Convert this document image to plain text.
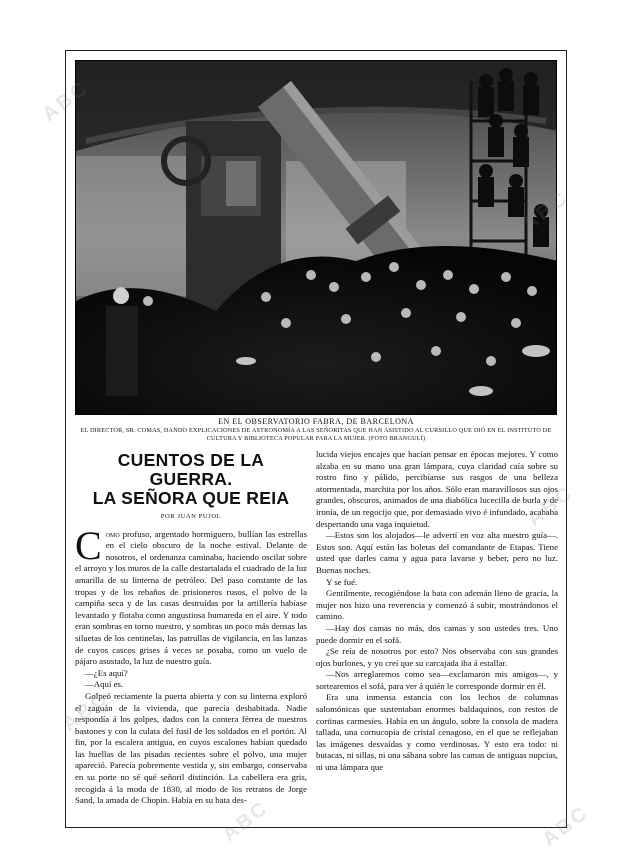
EN EL OBSERVATORIO FABRA, DE BARCELONA
EL DIRECTOR, SR. COMAS, DANDO EXPLICACIONES DE ASTRONOMÍA A LAS SEÑORITAS QUE HAN ASISTIDO AL CURSILLO QUE DIÓ EN EL INSTITUTO DE CULTURA Y BIBLIOTECA POPULAR PARA LA MUJER. (FOTO BRANGULÍ)
CUENTOS DE LA GUERRA.
LA SEÑORA QUE REIA
POR JUAN PUJOL

Como profuso, argentado hormiguero, bullían las estrellas en el cielo obscuro de la noche estival. Delante de nosotros, el ordenanza caminaba, haciendo oscilar sobre el arroyo y los muros de la calle destartalada el cuadrado de la luz amarilla de su linterna de petróleo. Del paso constante de las tropas y de los rebaños de prisioneros rusos, el polvo de la campiña seca y de las casas destruídas por la artillería habíase levantado y flotaba como angustiosa humareda en el aire. Y todo eran sombras en torno nuestro, y sombras un poco más densas las siluetas de los centinelas, las patrullas de vigilancia, en las lanzas de cuyos cascos grises á veces se posaba, como un vuelo de pájaro asustado, la luz de nuestro guía.

—¿Es aquí?

—Aquí es.

Golpeó reciamente la puerta abierta y con su linterna exploró el zaguán de la vivienda, que parecía deshabitada. Nadie respondía á los golpes, dados con la contera férrea de nuestros bastones y con la culata del fusil de los soldados en el portón. Al fin, por la escalera antigua, en cuyos escalones habían quedado las huellas de las pisadas recientes sobre el polvo, una mujer apareció. Parecía pobremente vestida y, sin embargo, conservaba en su porte no sé qué señoril distinción. La cabellera era gris, recogida á la moda de 1830, al modo de los retratos de Jorge Sand, la amada de Chopin. Había en su bata des-

lucida viejos encajes que hacían pensar en épocas mejores. Y como alzaba en su mano una gran lámpara, cuya claridad caía sobre su rostro fino y pálido, percibíanse sus rasgos de una belleza atormentada, marchita por los años. Sólo eran maravillosos sus ojos grandes, obscuros, animados de una diabólica lucecilla de burla y de ironía, de un regocijo que, por demasiado vivo é infundado, acababa despertando una vaga inquietud.

—Estos son los alojados—le advertí en voz alta nuestro guía—. Estos son. Aquí están las boletas del comandante de Etapas. Tiene usted que darles cama y agua para lavarse y beber, pero no luz. Buenas noches.

Y se fué.

Gentilmente, recogiéndose la bata con ademán lleno de gracia, la mujer nos hizo una reverencia y comenzó á subir, mostrándonos el camino.

—Hay dos camas no más, dos camas y son ustedes tres. Uno puede dormir en el sofá.

¿Se reía de nosotros por esto? Nos observaba con sus grandes ojos burlones, y yo creí que su carcajada iba á estallar.

—Nos arreglaremos como sea—exclamaron mis amigos—, y sortearemos el sofá, para ver á quién le corresponde dormir en él.

Era una inmensa estancia con los lechos de columnas salomónicas que sustentaban enormes baldaquinos, con restos de cortinas carmesíes. Había en un ángulo, sobre la consola de madera tallada, una cornucopia de cristal cenagoso, en el que se reflejaban las imágenes desvaídas y como verdinosas. Y esto era todo: ni butacas, ni sillas, ni una sábana sobre las camas de antiguas nupcias, ni una lámpara que

ABC
ABC
ABC
ABC	ABC
